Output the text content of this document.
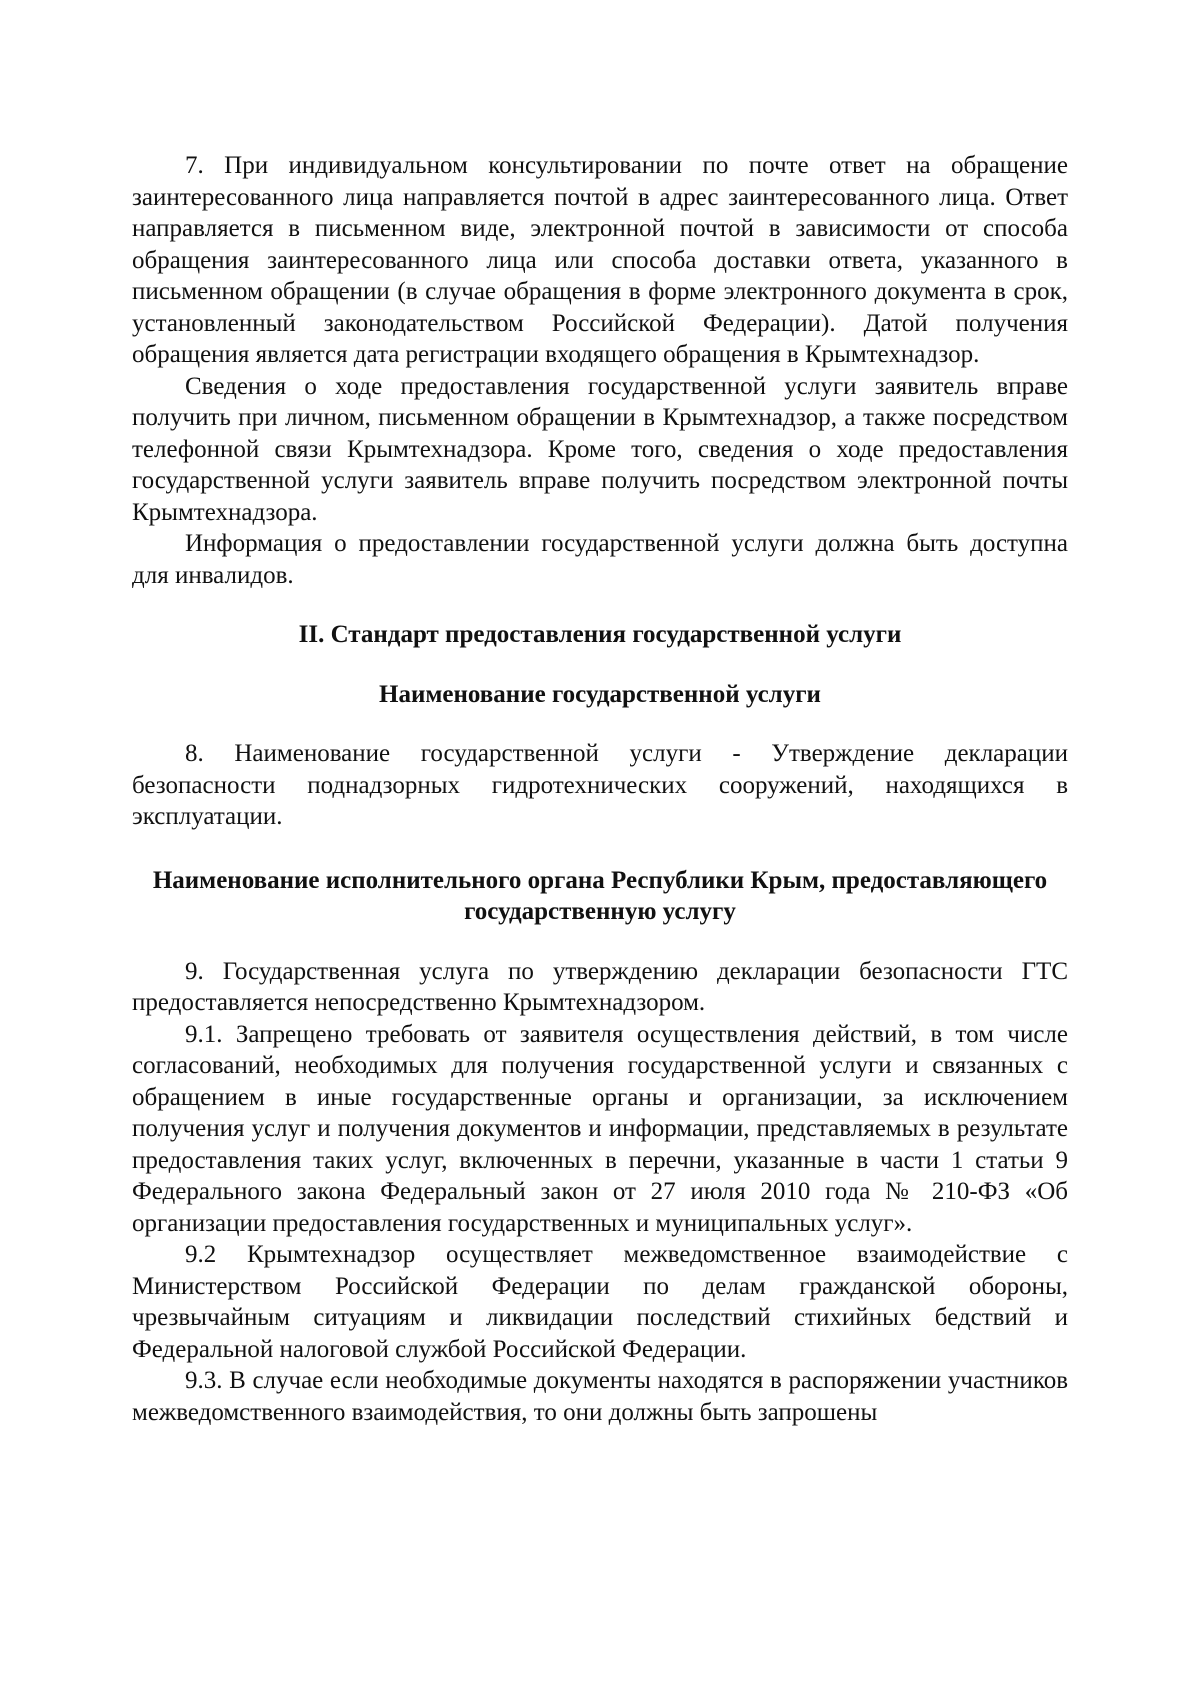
7. При индивидуальном консультировании по почте ответ на обращение заинтересованного лица направляется почтой в адрес заинтересованного лица. Ответ направляется в письменном виде, электронной почтой в зависимости от способа обращения заинтересованного лица или способа доставки ответа, указанного в письменном обращении (в случае обращения в форме электронного документа в срок, установленный законодательством Российской Федерации). Датой получения обращения является дата регистрации входящего обращения в Крымтехнадзор.

Сведения о ходе предоставления государственной услуги заявитель вправе получить при личном, письменном обращении в Крымтехнадзор, а также посредством телефонной связи Крымтехнадзора. Кроме того, сведения о ходе предоставления государственной услуги заявитель вправе получить посредством электронной почты Крымтехнадзора.

Информация о предоставлении государственной услуги должна быть доступна для инвалидов.

II. Стандарт предоставления государственной услуги
Наименование государственной услуги

8. Наименование государственной услуги - Утверждение декларации безопасности поднадзорных гидротехнических сооружений, находящихся в эксплуатации.

Наименование исполнительного органа Республики Крым, предоставляющего государственную услугу

9. Государственная услуга по утверждению декларации безопасности ГТС предоставляется непосредственно Крымтехнадзором.

9.1. Запрещено требовать от заявителя осуществления действий, в том числе согласований, необходимых для получения государственной услуги и связанных с обращением в иные государственные органы и организации, за исключением получения услуг и получения документов и информации, представляемых в результате предоставления таких услуг, включенных в перечни, указанные в части 1 статьи 9 Федерального закона Федеральный закон от 27 июля 2010 года № 210-ФЗ «Об организации предоставления государственных и муниципальных услуг».

9.2 Крымтехнадзор осуществляет межведомственное взаимодействие с Министерством Российской Федерации по делам гражданской обороны, чрезвычайным ситуациям и ликвидации последствий стихийных бедствий и Федеральной налоговой службой Российской Федерации.

9.3. В случае если необходимые документы находятся в распоряжении участников межведомственного взаимодействия, то они должны быть запрошены
